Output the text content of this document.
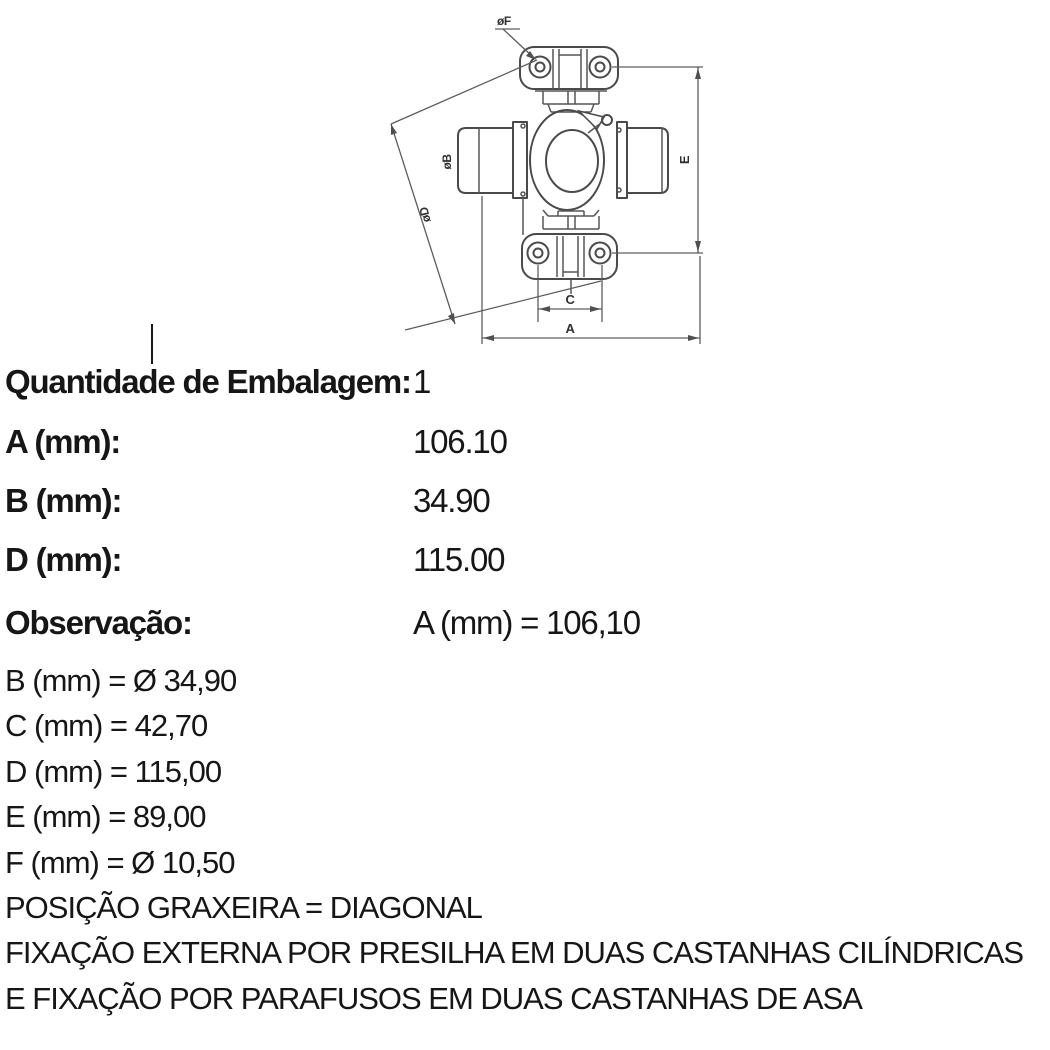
øF
øD
øB	E
C
A
Quantidade de Embalagem: 1
A (mm):	106.10
B (mm):	34.90
D (mm):	115.00
Observação:	A (mm) = 106,10
B (mm) = Ø 34,90
C (mm) = 42,70
D (mm) = 115,00
E (mm) = 89,00
F (mm) = Ø 10,50
POSIÇÃO GRAXEIRA = DIAGONAL
FIXAÇÃO EXTERNA POR PRESILHA EM DUAS CASTANHAS CILÍNDRICAS
E FIXAÇÃO POR PARAFUSOS EM DUAS CASTANHAS DE ASA
